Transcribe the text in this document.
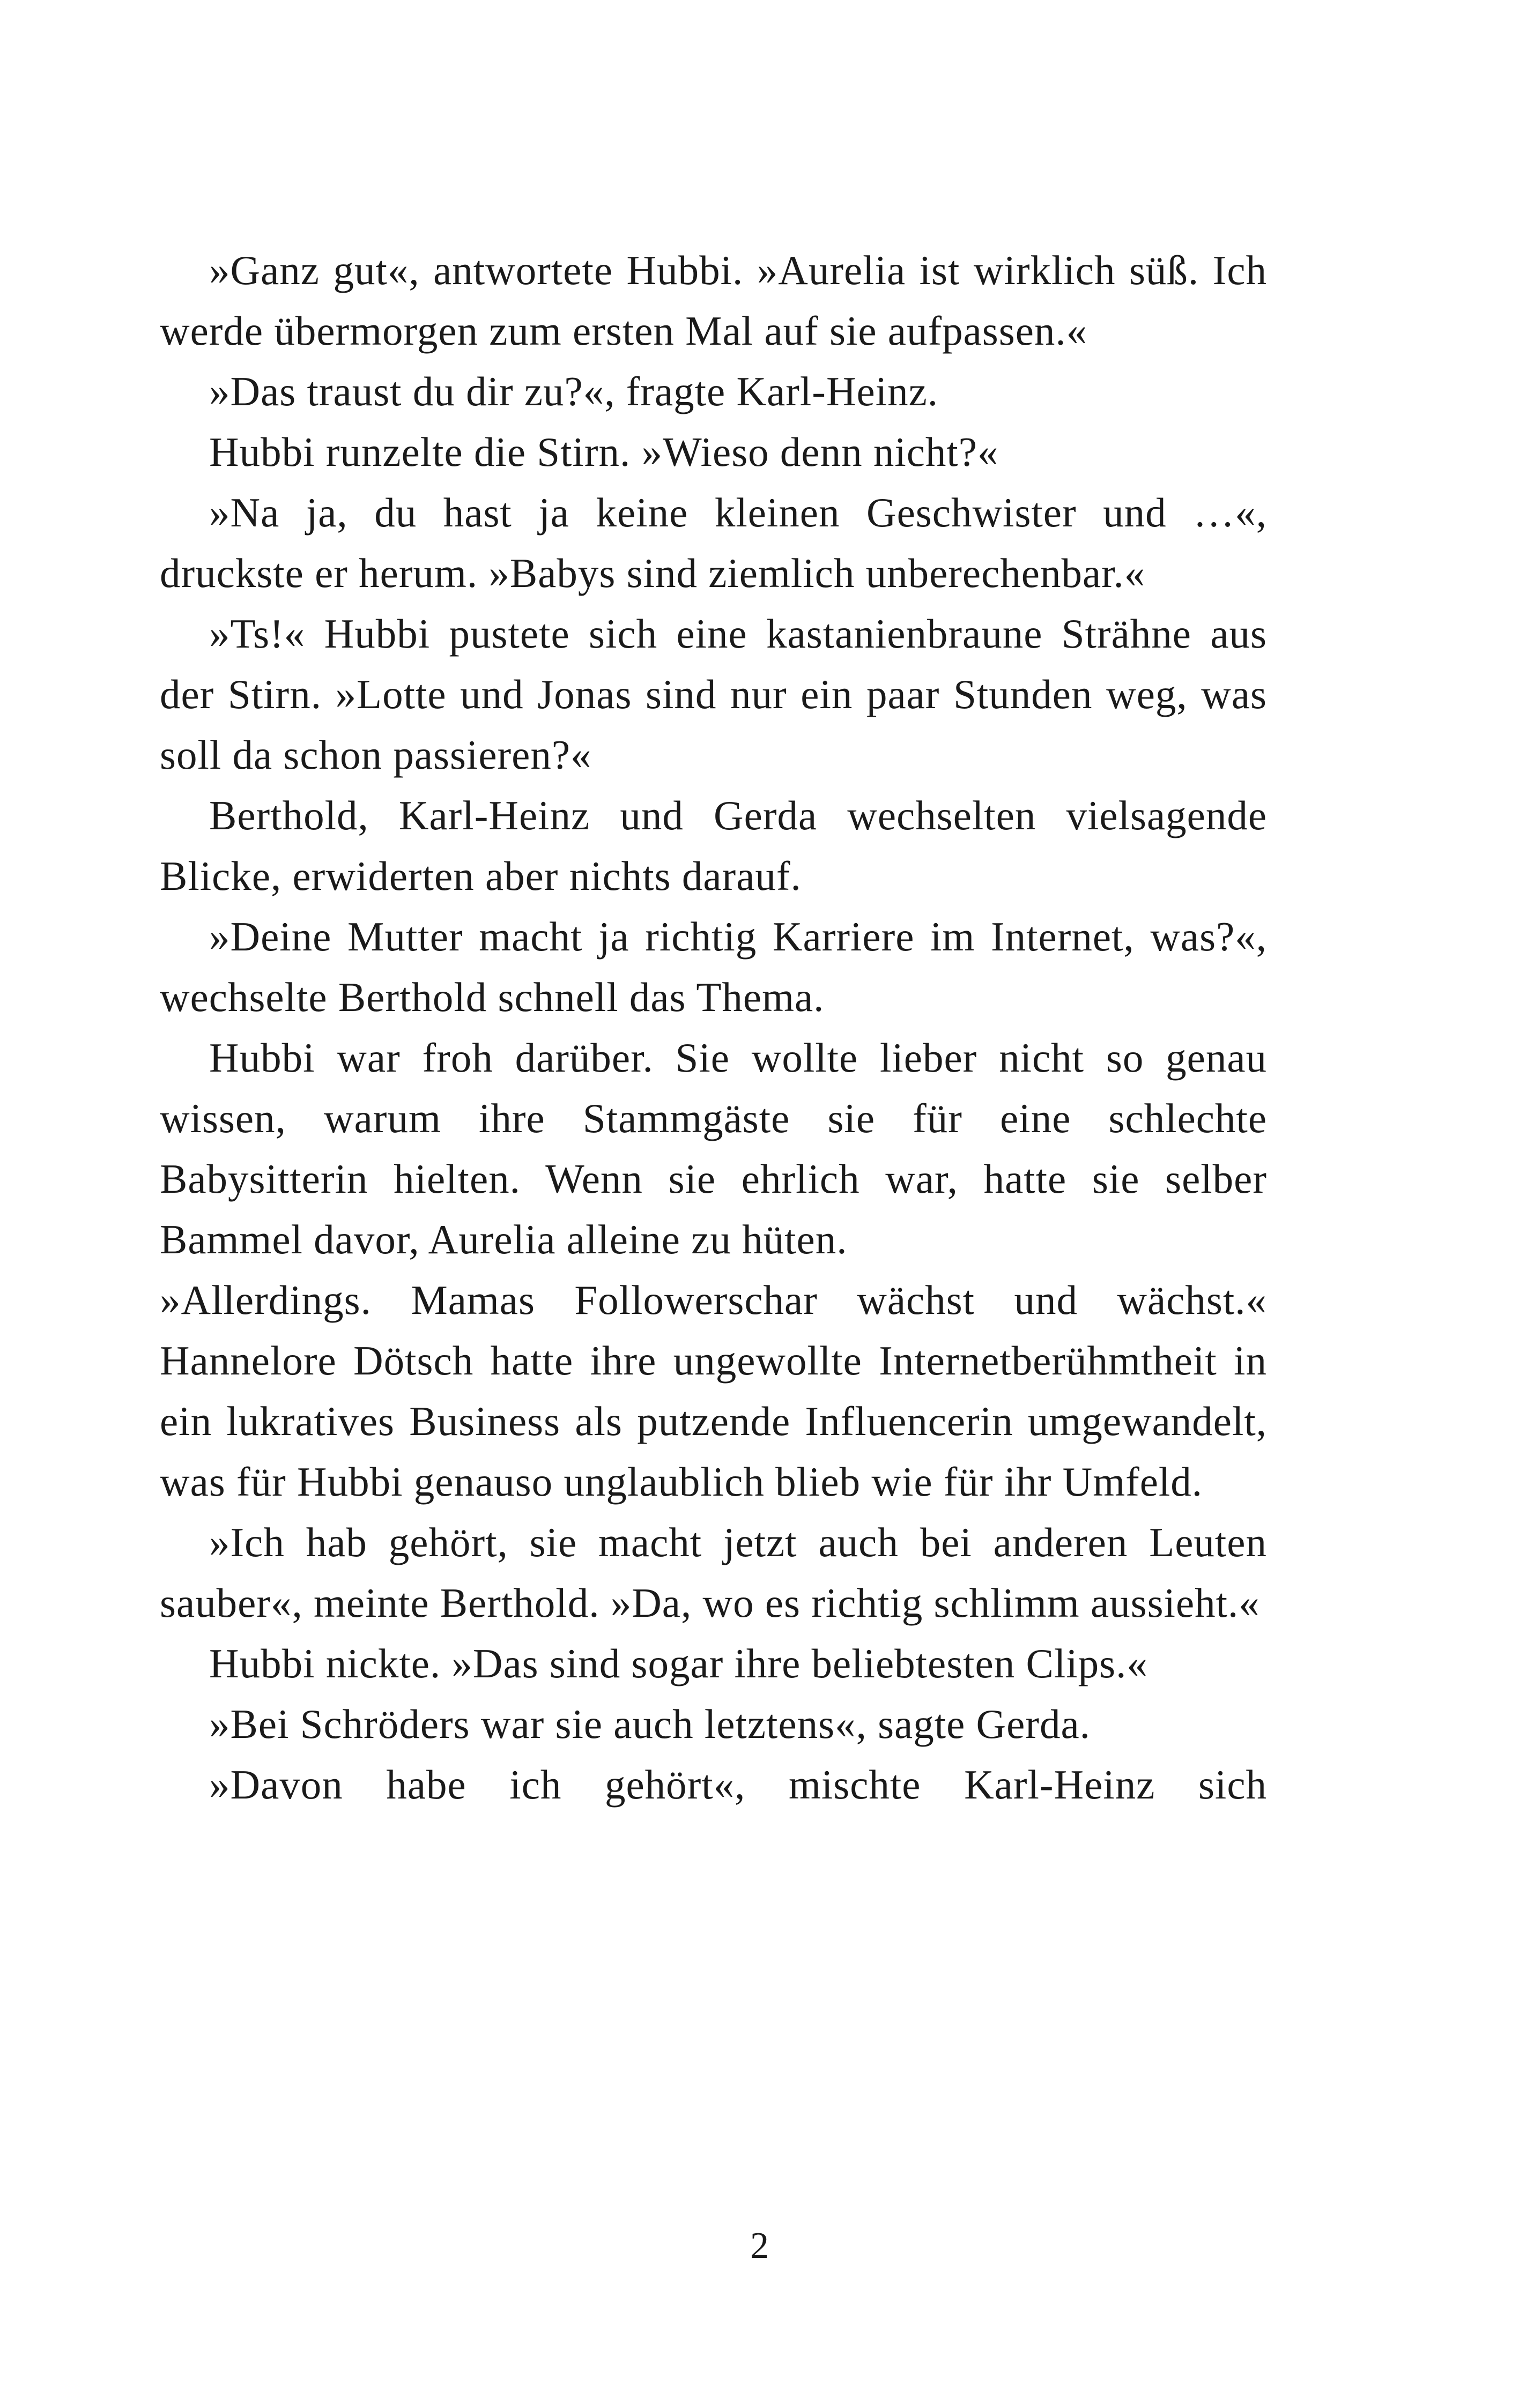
»Ganz gut«, antwortete Hubbi. »Aurelia ist wirklich süß. Ich werde übermorgen zum ersten Mal auf sie aufpassen.«

»Das traust du dir zu?«, fragte Karl-Heinz.

Hubbi runzelte die Stirn. »Wieso denn nicht?«

»Na ja, du hast ja keine kleinen Geschwister und …«, druckste er herum. »Babys sind ziemlich unberechenbar.«

»Ts!« Hubbi pustete sich eine kastanienbraune Strähne aus der Stirn. »Lotte und Jonas sind nur ein paar Stunden weg, was soll da schon passieren?«

Berthold, Karl-Heinz und Gerda wechselten vielsagende Blicke, erwiderten aber nichts darauf.

»Deine Mutter macht ja richtig Karriere im Internet, was?«, wechselte Berthold schnell das Thema.

Hubbi war froh darüber. Sie wollte lieber nicht so genau wissen, warum ihre Stammgäste sie für eine schlechte Babysitterin hielten. Wenn sie ehrlich war, hatte sie selber Bammel davor, Aurelia alleine zu hüten.

»Allerdings. Mamas Followerschar wächst und wächst.« Hannelore Dötsch hatte ihre ungewollte Internetberühmtheit in ein lukratives Business als putzende Influencerin umgewandelt, was für Hubbi genauso unglaublich blieb wie für ihr Umfeld.

»Ich hab gehört, sie macht jetzt auch bei anderen Leuten sauber«, meinte Berthold. »Da, wo es richtig schlimm aussieht.«

Hubbi nickte. »Das sind sogar ihre beliebtesten Clips.«

»Bei Schröders war sie auch letztens«, sagte Gerda.

»Davon habe ich gehört«, mischte Karl-Heinz sich

2
